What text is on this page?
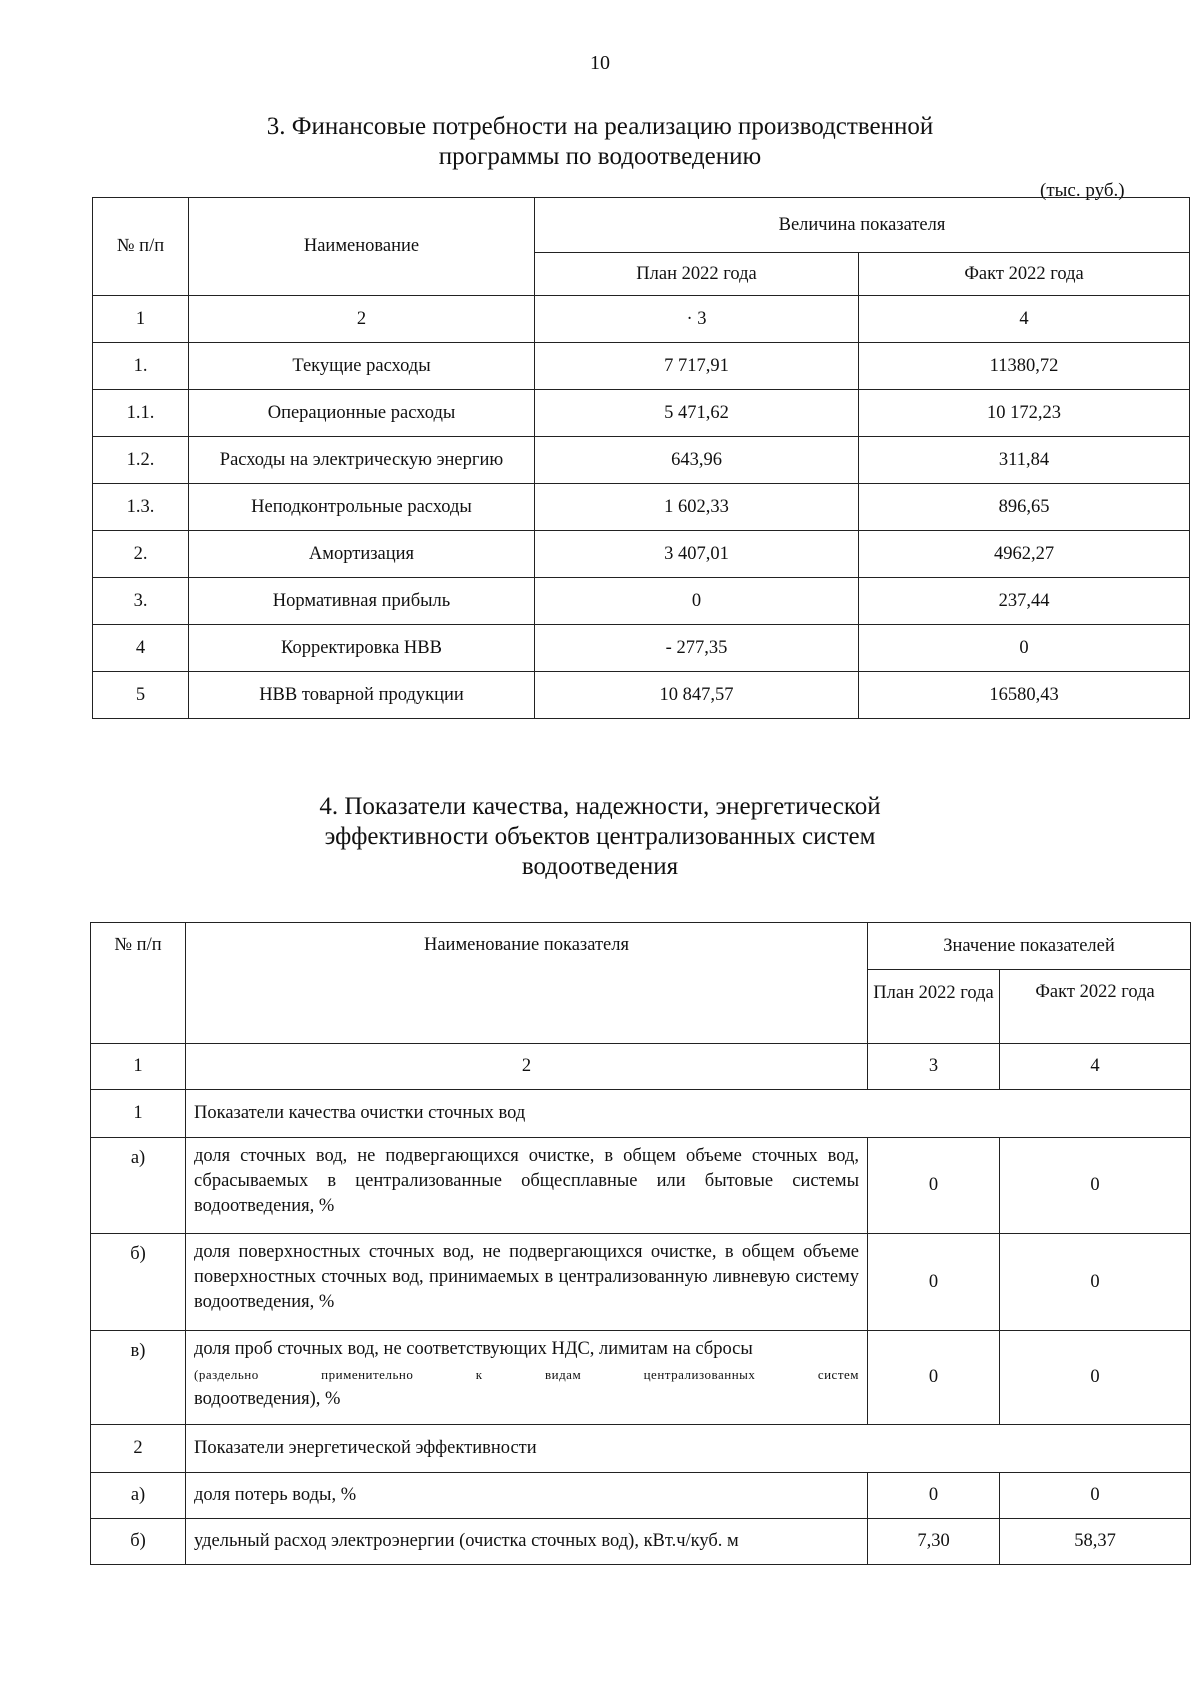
10
3. Финансовые потребности на реализацию производственной
программы по водоотведению
(тыс. руб.)
№ п/п	Наименование	Величина показателя	
		План 2022 года	Факт 2022 года
1	2	· 3	4
1.	Текущие расходы	7 717,91	11380,72
1.1.	Операционные расходы	5 471,62	10 172,23
1.2.	Расходы на электрическую энергию	643,96	311,84
1.3.	Неподконтрольные расходы	1 602,33	896,65
2.	Амортизация	3 407,01	4962,27
3.	Нормативная прибыль	0	237,44
4	Корректировка НВВ	- 277,35	0
5	НВВ товарной продукции	10 847,57	16580,43
4. Показатели качества, надежности, энергетической
эффективности объектов централизованных систем
водоотведения
№ п/п	Наименование показателя	Значение показателей	
		План 2022 года	Факт 2022 года
1	2	3	4
1	Показатели качества очистки сточных вод		
а)	доля сточных вод, не подвергающихся очистке, в общем объеме сточных вод, сбрасываемых в централизованные общесплавные или бытовые системы водоотведения, %	0	0
б)	доля поверхностных сточных вод, не подвергающихся очистке, в общем объеме поверхностных сточных вод, принимаемых в централизованную ливневую систему водоотведения, %	0	0
в)	доля проб сточных вод, не соответствующих НДС, лимитам на сбросы
(раздельно применительно к видам централизованных систем
водоотведения), %	0	0
2	Показатели энергетической эффективности		
а)	доля потерь воды, %	0	0
б)	удельный расход электроэнергии (очистка сточных вод), кВт.ч/куб. м	7,30	58,37
